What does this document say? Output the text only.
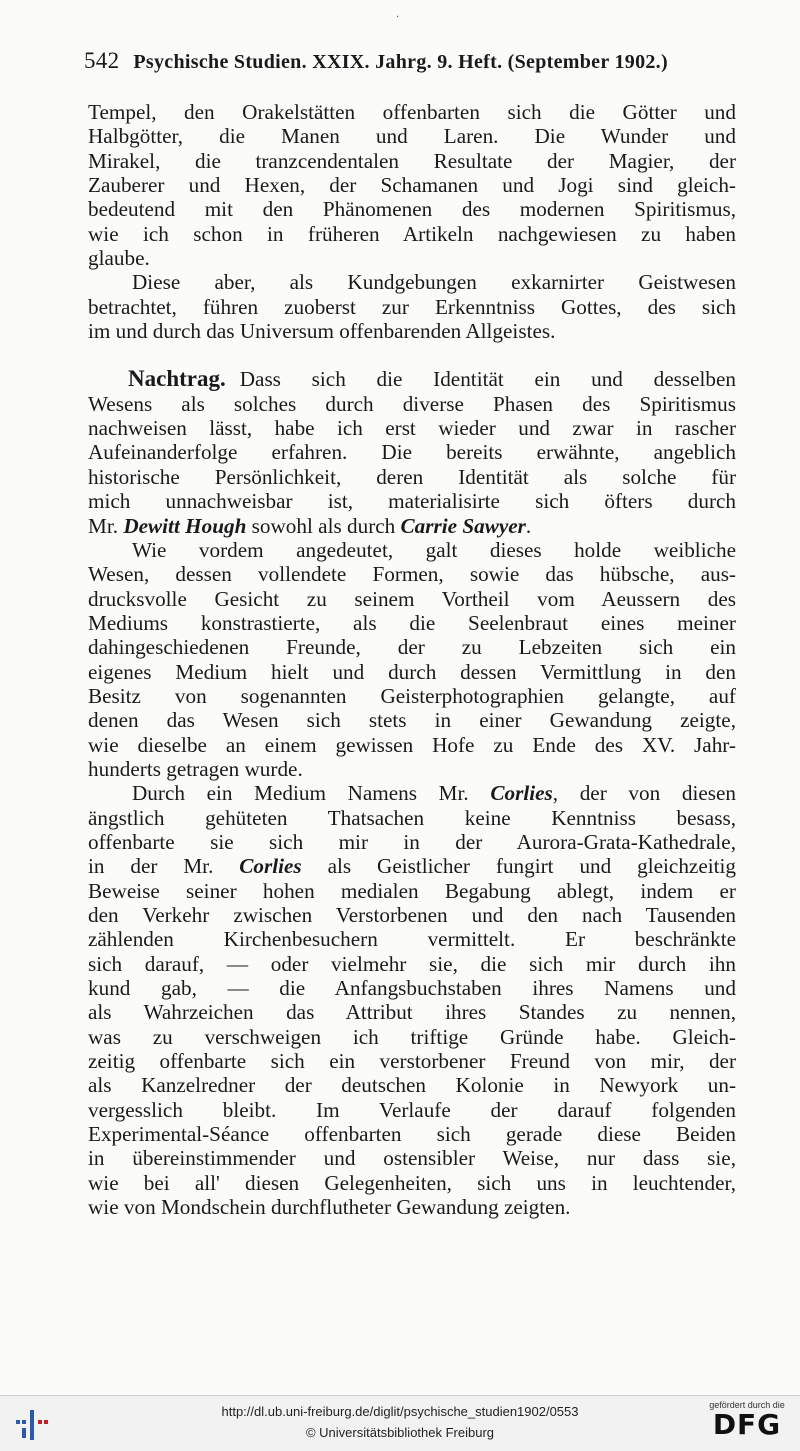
·
542 Psychische Studien. XXIX. Jahrg. 9. Heft. (September 1902.)
Tempel, den Orakelstätten offenbarten sich die Götter und
Halbgötter, die Manen und Laren. Die Wunder und
Mirakel, die tranzcendentalen Resultate der Magier, der
Zauberer und Hexen, der Schamanen und Jogi sind gleich-
bedeutend mit den Phänomenen des modernen Spiritismus,
wie ich schon in früheren Artikeln nachgewiesen zu haben
glaube.
Diese aber, als Kundgebungen exkarnirter Geistwesen
betrachtet, führen zuoberst zur Erkenntniss Gottes, des sich
im und durch das Universum offenbarenden Allgeistes.
Nachtrag. Dass sich die Identität ein und desselben
Wesens als solches durch diverse Phasen des Spiritismus
nachweisen lässt, habe ich erst wieder und zwar in rascher
Aufeinanderfolge erfahren. Die bereits erwähnte, angeblich
historische Persönlichkeit, deren Identität als solche für
mich unnachweisbar ist, materialisirte sich öfters durch
Mr. Dewitt Hough sowohl als durch Carrie Sawyer.
Wie vordem angedeutet, galt dieses holde weibliche
Wesen, dessen vollendete Formen, sowie das hübsche, aus-
drucksvolle Gesicht zu seinem Vortheil vom Aeussern des
Mediums konstrastierte, als die Seelenbraut eines meiner
dahingeschiedenen Freunde, der zu Lebzeiten sich ein
eigenes Medium hielt und durch dessen Vermittlung in den
Besitz von sogenannten Geisterphotographien gelangte, auf
denen das Wesen sich stets in einer Gewandung zeigte,
wie dieselbe an einem gewissen Hofe zu Ende des XV. Jahr-
hunderts getragen wurde.
Durch ein Medium Namens Mr. Corlies, der von diesen
ängstlich gehüteten Thatsachen keine Kenntniss besass,
offenbarte sie sich mir in der Aurora-Grata-Kathedrale,
in der Mr. Corlies als Geistlicher fungirt und gleichzeitig
Beweise seiner hohen medialen Begabung ablegt, indem er
den Verkehr zwischen Verstorbenen und den nach Tausenden
zählenden Kirchenbesuchern vermittelt. Er beschränkte
sich darauf, — oder vielmehr sie, die sich mir durch ihn
kund gab, — die Anfangsbuchstaben ihres Namens und
als Wahrzeichen das Attribut ihres Standes zu nennen,
was zu verschweigen ich triftige Gründe habe. Gleich-
zeitig offenbarte sich ein verstorbener Freund von mir, der
als Kanzelredner der deutschen Kolonie in Newyork un-
vergesslich bleibt. Im Verlaufe der darauf folgenden
Experimental-Séance offenbarten sich gerade diese Beiden
in übereinstimmender und ostensibler Weise, nur dass sie,
wie bei all' diesen Gelegenheiten, sich uns in leuchtender,
wie von Mondschein durchflutheter Gewandung zeigten.
http://dl.ub.uni-freiburg.de/diglit/psychische_studien1902/0553
© Universitätsbibliothek Freiburg
gefördert durch die
DFG
